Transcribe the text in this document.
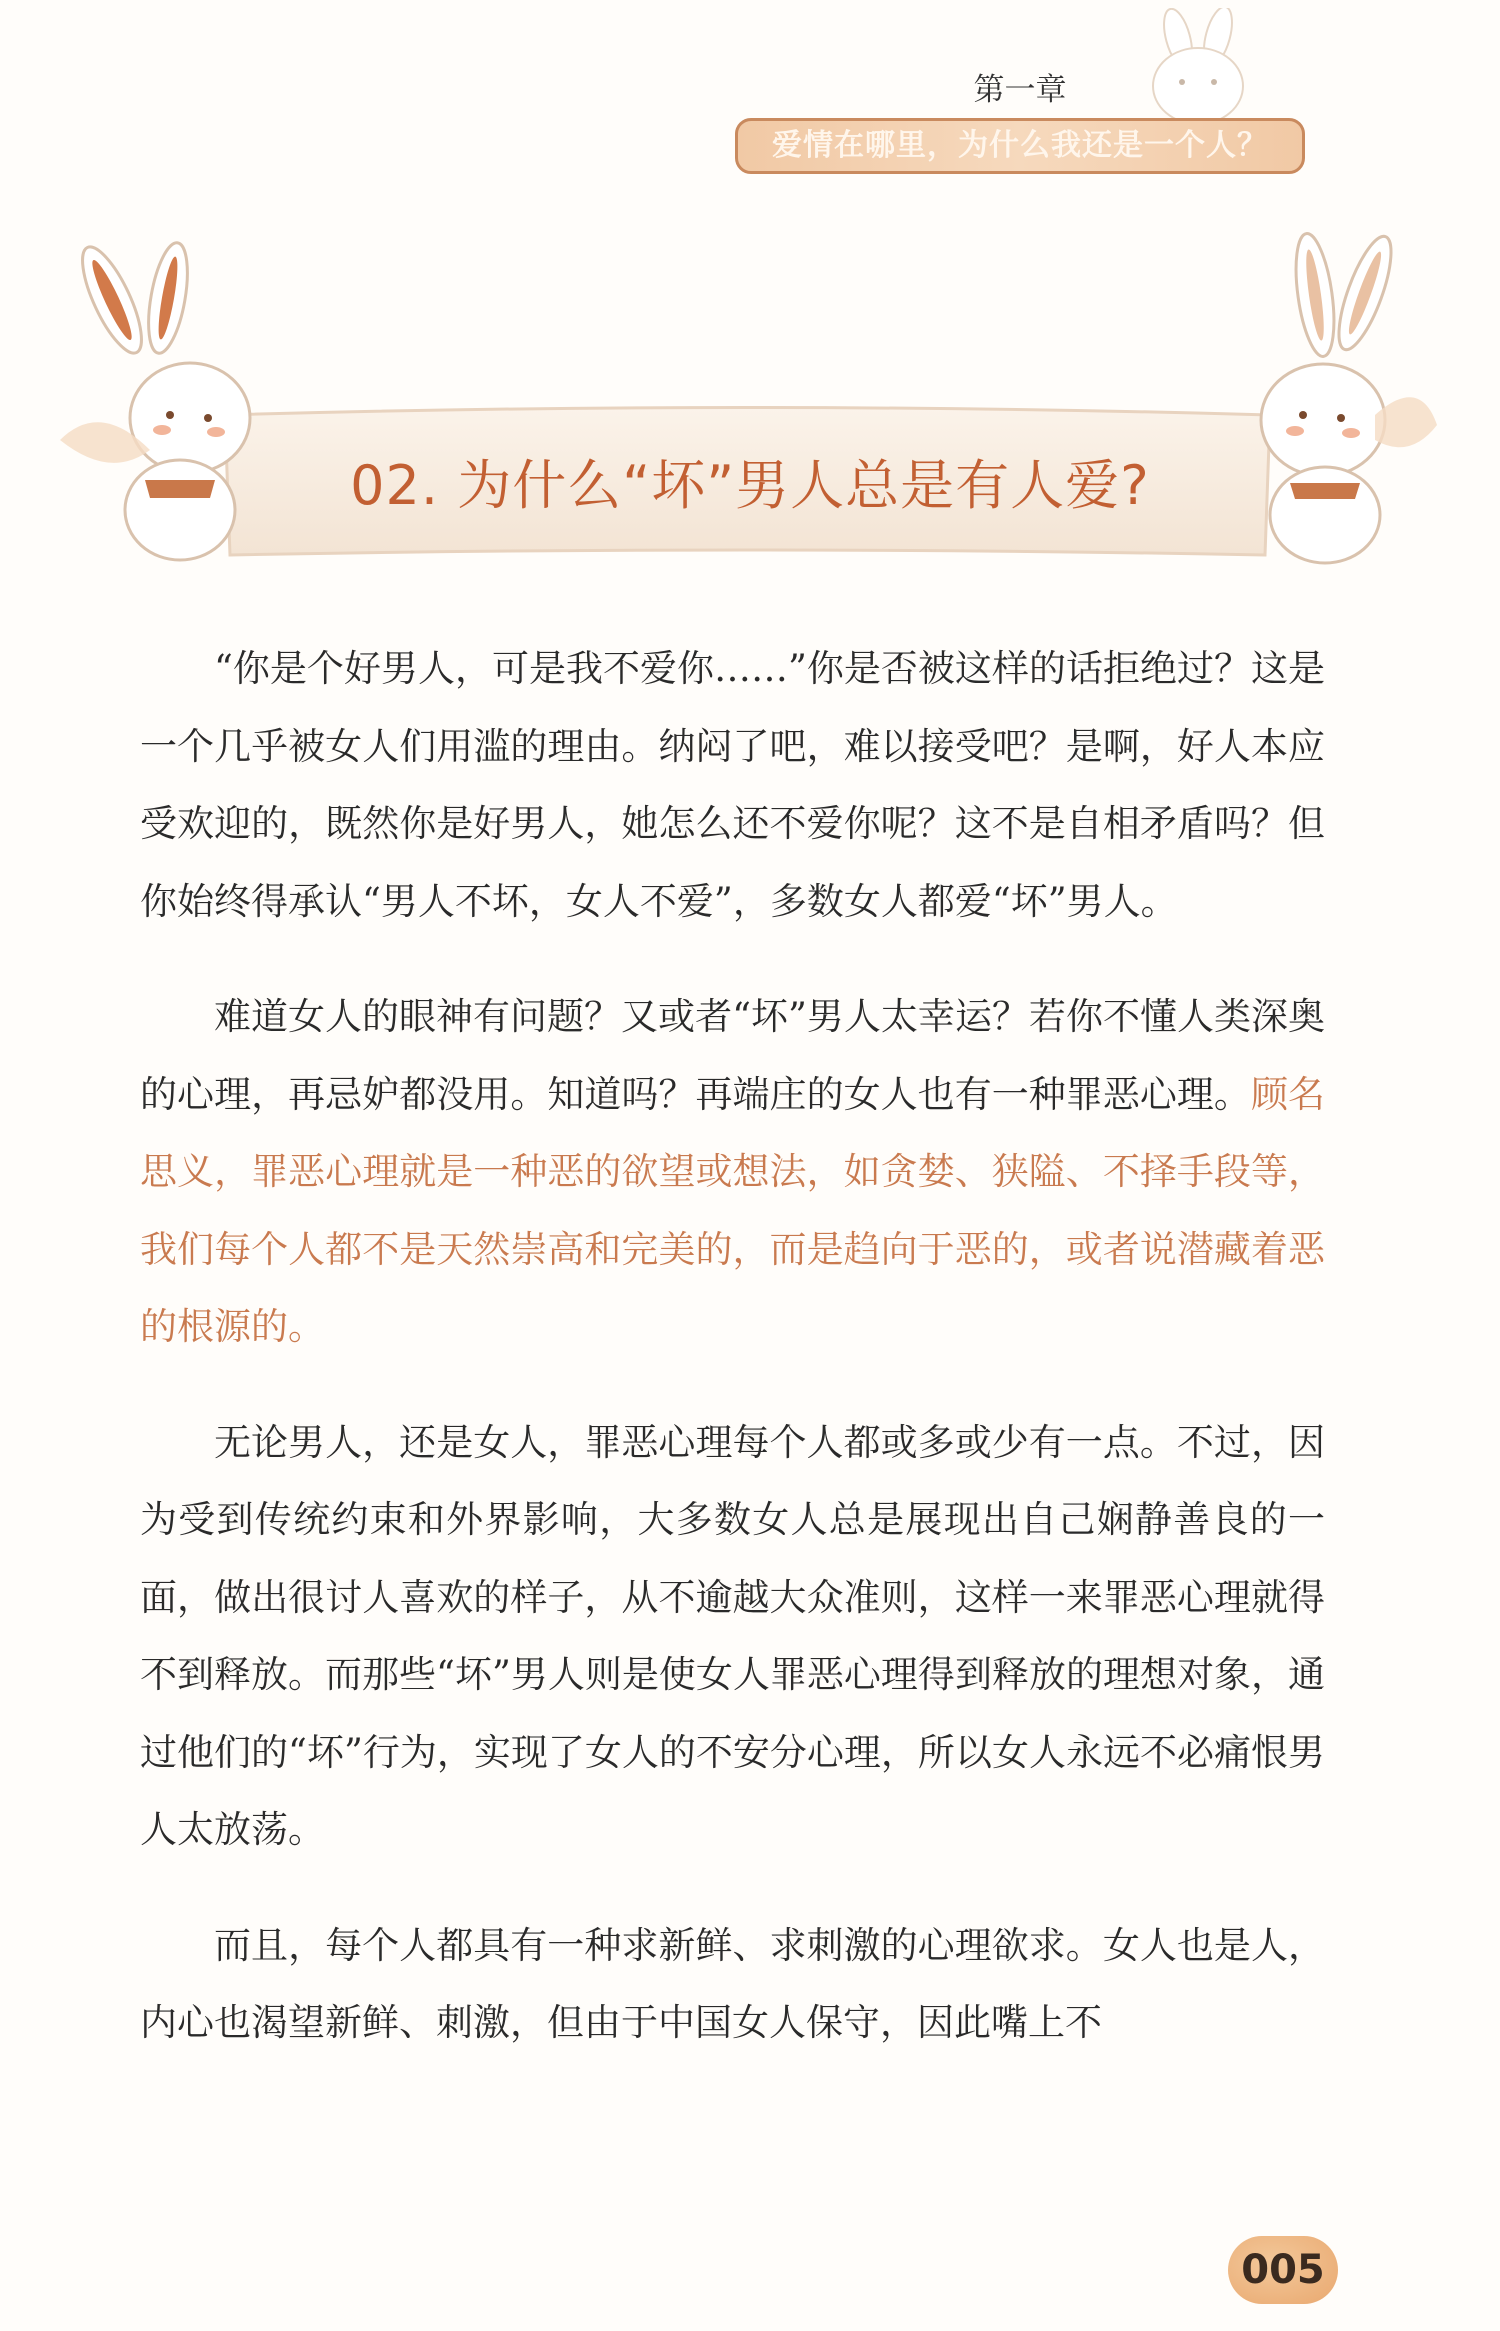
第一章
爱情在哪里，为什么我还是一个人？
02. 为什么“坏”男人总是有人爱?

“你是个好男人，可是我不爱你……”你是否被这样的话拒绝过？这是一个几乎被女人们用滥的理由。纳闷了吧，难以接受吧？是啊，好人本应受欢迎的，既然你是好男人，她怎么还不爱你呢？这不是自相矛盾吗？但你始终得承认“男人不坏，女人不爱”，多数女人都爱“坏”男人。

难道女人的眼神有问题？又或者“坏”男人太幸运？若你不懂人类深奥的心理，再忌妒都没用。知道吗？再端庄的女人也有一种罪恶心理。顾名思义，罪恶心理就是一种恶的欲望或想法，如贪婪、狭隘、不择手段等，我们每个人都不是天然崇高和完美的，而是趋向于恶的，或者说潜藏着恶的根源的。

无论男人，还是女人，罪恶心理每个人都或多或少有一点。不过，因为受到传统约束和外界影响，大多数女人总是展现出自己娴静善良的一面，做出很讨人喜欢的样子，从不逾越大众准则，这样一来罪恶心理就得不到释放。而那些“坏”男人则是使女人罪恶心理得到释放的理想对象，通过他们的“坏”行为，实现了女人的不安分心理，所以女人永远不必痛恨男人太放荡。

而且，每个人都具有一种求新鲜、求刺激的心理欲求。女人也是人，内心也渴望新鲜、刺激，但由于中国女人保守，因此嘴上不

005
